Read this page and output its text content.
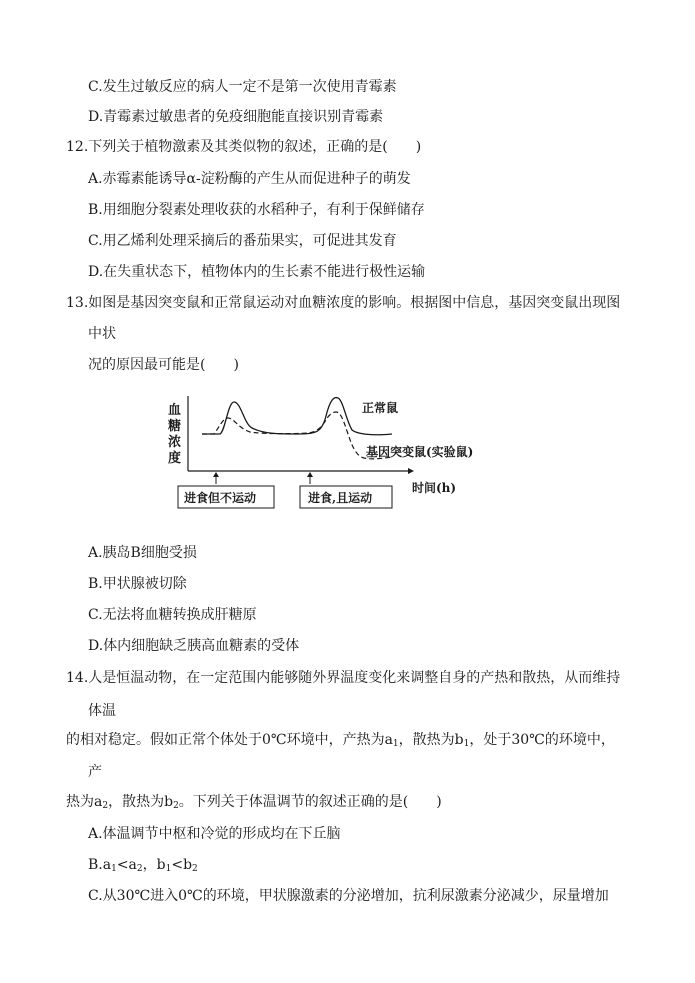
C.发生过敏反应的病人一定不是第一次使用青霉素
D.青霉素过敏患者的免疫细胞能直接识别青霉素
12.下列关于植物激素及其类似物的叙述，正确的是(　　)
A.赤霉素能诱导α-淀粉酶的产生从而促进种子的萌发
B.用细胞分裂素处理收获的水稻种子，有利于保鲜储存
C.用乙烯利处理采摘后的番茄果实，可促进其发育
D.在失重状态下，植物体内的生长素不能进行极性运输
13.如图是基因突变鼠和正常鼠运动对血糖浓度的影响。根据图中信息，基因突变鼠出现图
中状
况的原因最可能是(　　)
血
糖
浓
度
时间(h)
正常鼠
基因突变鼠(实验鼠)
进食但不运动	进食,且运动
A.胰岛B细胞受损
B.甲状腺被切除
C.无法将血糖转换成肝糖原
D.体内细胞缺乏胰高血糖素的受体
14.人是恒温动物，在一定范围内能够随外界温度变化来调整自身的产热和散热，从而维持
体温
的相对稳定。假如正常个体处于0℃环境中，产热为$a_1$，散热为$b_1$，处于30℃的环境中，
产
热为$a_2$，散热为$b_2$。下列关于体温调节的叙述正确的是(　　)
A.体温调节中枢和冷觉的形成均在下丘脑
$B.a_1<a_2$，$b_1<b_2$
C.从30℃进入0℃的环境，甲状腺激素的分泌增加，抗利尿激素分泌减少，尿量增加
